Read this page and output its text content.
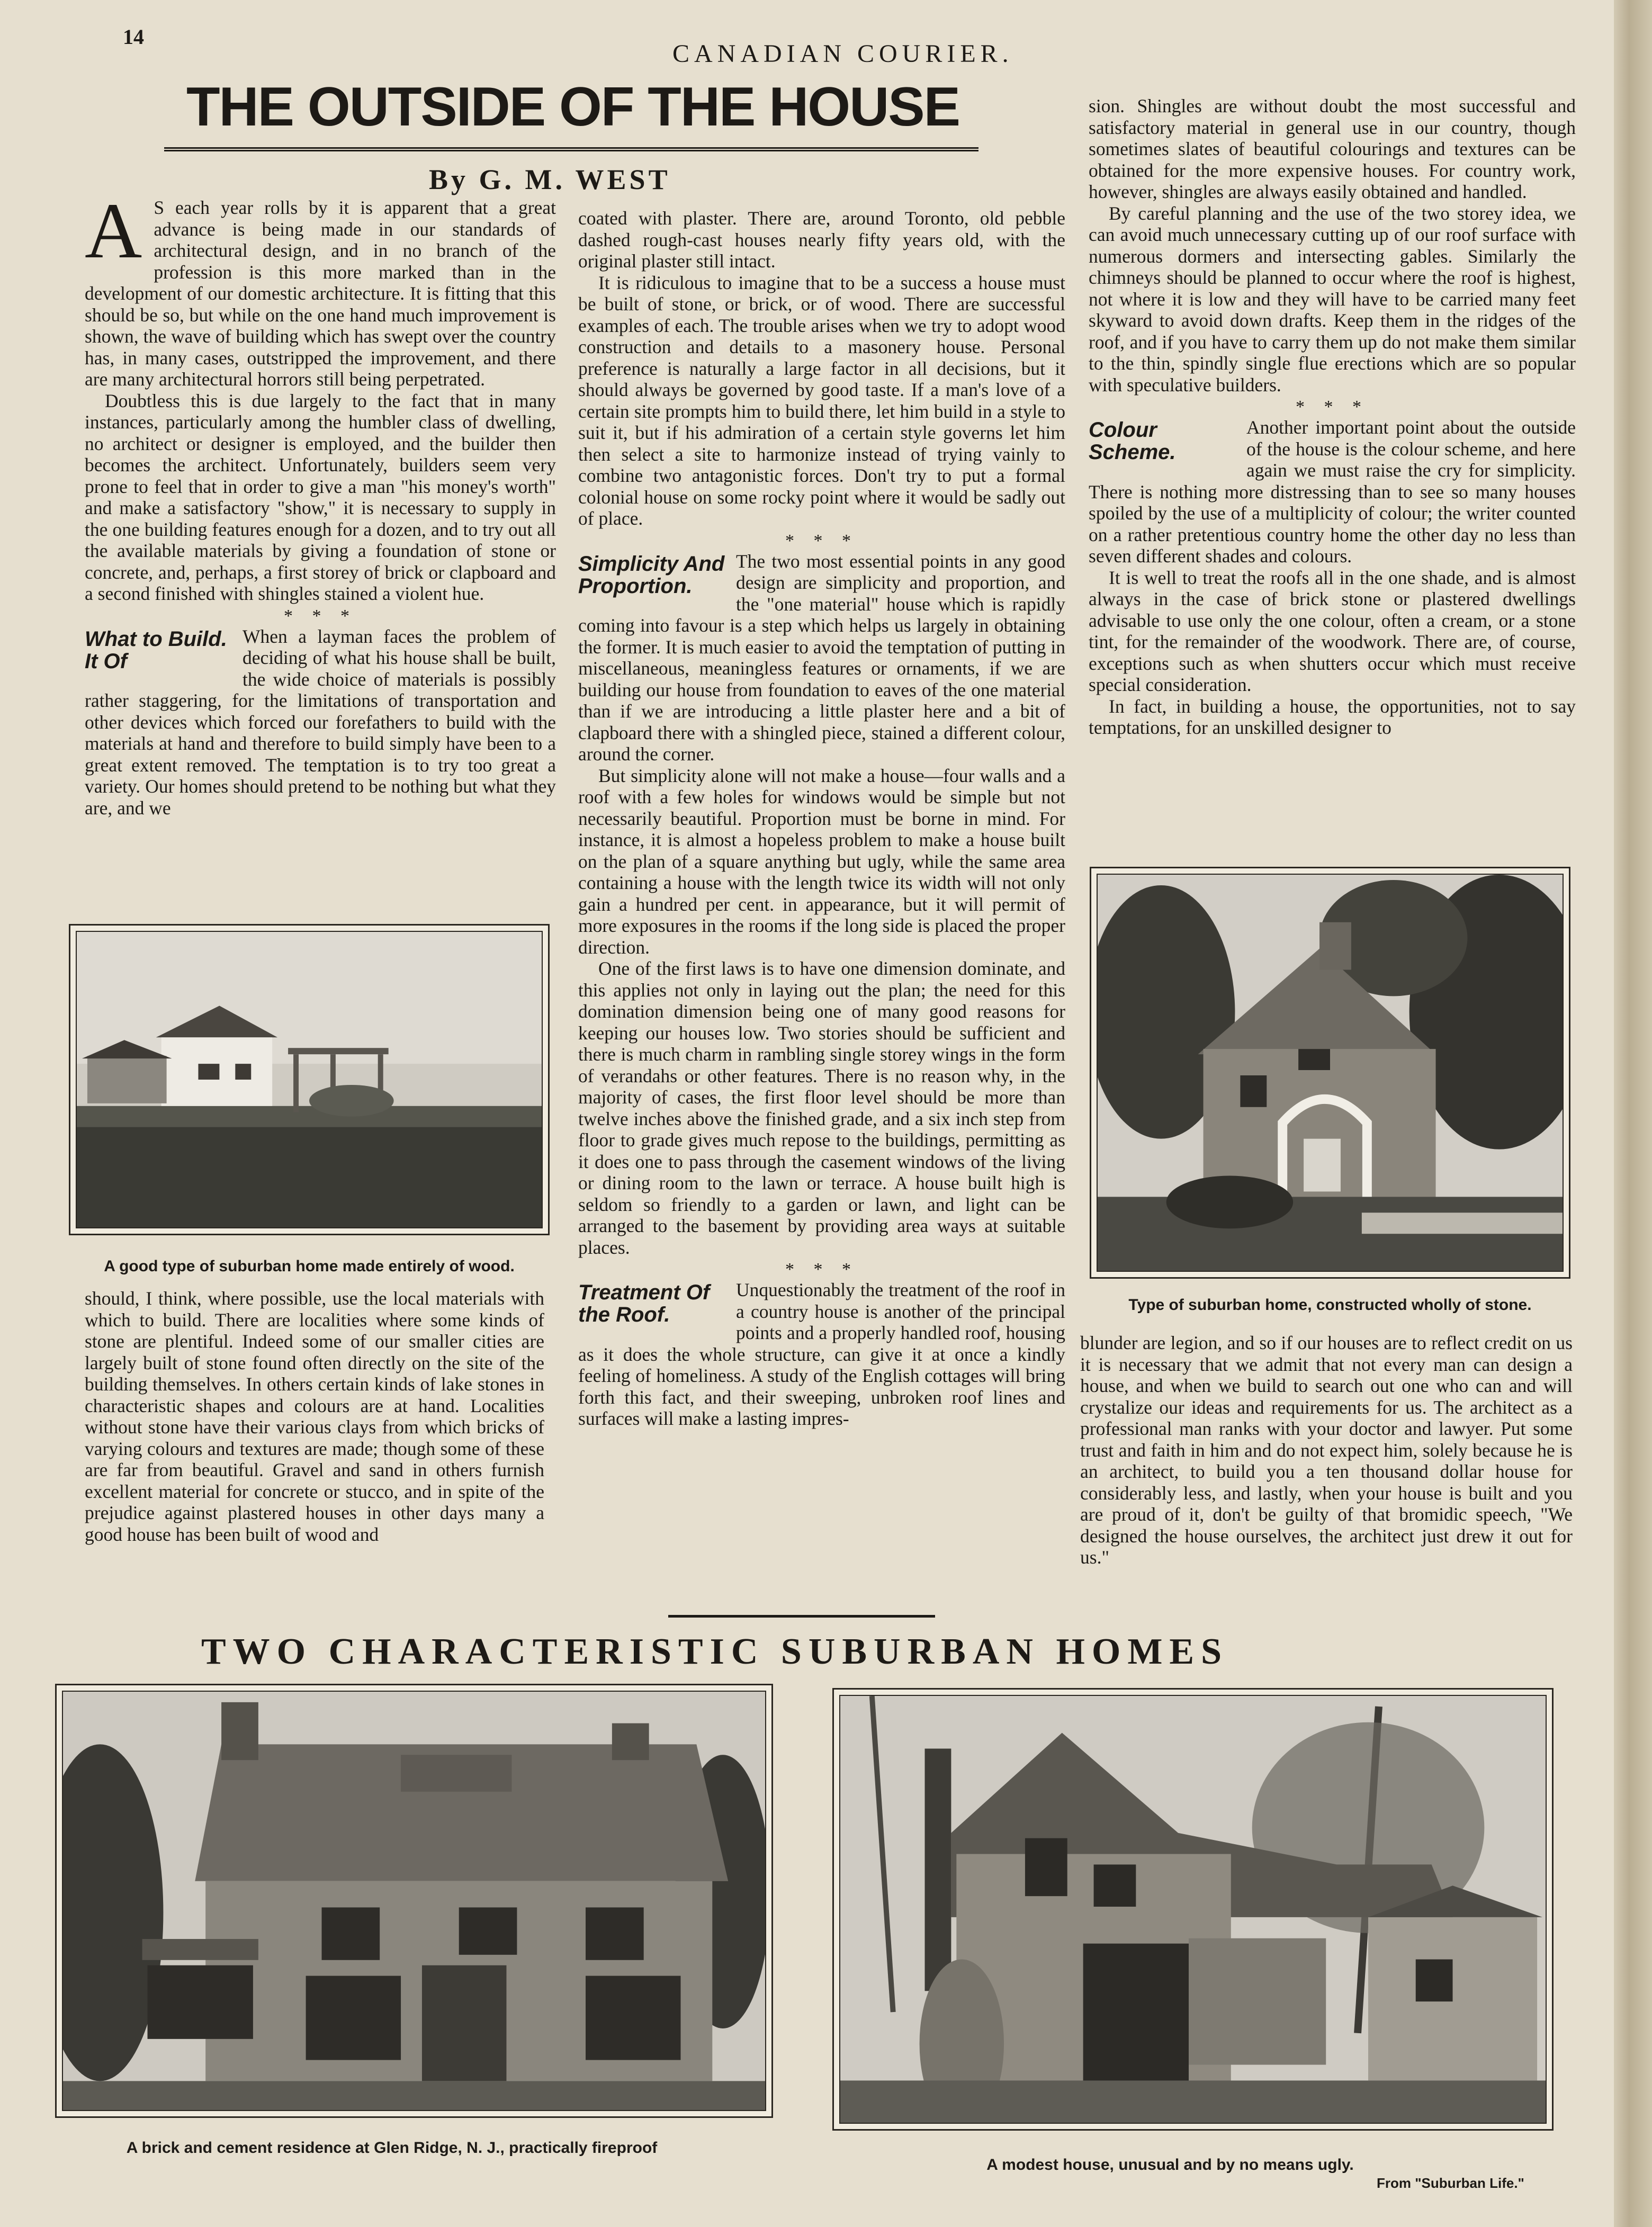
14
CANADIAN COURIER.
THE OUTSIDE OF THE HOUSE
By G. M. WEST

A S each year rolls by it is apparent that a great advance is being made in our standards of architectural design, and in no branch of the profession is this more marked than in the development of our domestic architecture. It is fitting that this should be so, but while on the one hand much improvement is shown, the wave of building which has swept over the country has, in many cases, outstripped the improvement, and there are many architectural horrors still being perpetrated.

Doubtless this is due largely to the fact that in many instances, particularly among the humbler class of dwelling, no architect or designer is employed, and the builder then becomes the architect. Unfortunately, builders seem very prone to feel that in order to give a man "his money's worth" and make a satisfactory "show," it is necessary to supply in the one building features enough for a dozen, and to try out all the available materials by giving a foundation of stone or concrete, and, perhaps, a first storey of brick or clapboard and a second finished with shingles stained a violent hue.

* * *

What to Build. It Of
When a layman faces the problem of deciding of what his house shall be built, the wide choice of materials is possibly rather staggering, for the limitations of transportation and other devices which forced our forefathers to build with the materials at hand and therefore to build simply have been to a great extent removed. The temptation is to try too great a variety. Our homes should pretend to be nothing but what they are, and we

A good type of suburban home made entirely of wood.

should, I think, where possible, use the local materials with which to build. There are localities where some kinds of stone are plentiful. Indeed some of our smaller cities are largely built of stone found often directly on the site of the building themselves. In others certain kinds of lake stones in characteristic shapes and colours are at hand. Localities without stone have their various clays from which bricks of varying colours and textures are made; though some of these are far from beautiful. Gravel and sand in others furnish excellent material for concrete or stucco, and in spite of the prejudice against plastered houses in other days many a good house has been built of wood and

coated with plaster. There are, around Toronto, old pebble dashed rough-cast houses nearly fifty years old, with the original plaster still intact.

It is ridiculous to imagine that to be a success a house must be built of stone, or brick, or of wood. There are successful examples of each. The trouble arises when we try to adopt wood construction and details to a masonery house. Personal preference is naturally a large factor in all decisions, but it should always be governed by good taste. If a man's love of a certain site prompts him to build there, let him build in a style to suit it, but if his admiration of a certain style governs let him then select a site to harmonize instead of trying vainly to combine two antagonistic forces. Don't try to put a formal colonial house on some rocky point where it would be sadly out of place.

* * *

Simplicity And Proportion.
The two most essential points in any good design are simplicity and proportion, and the "one material" house which is rapidly coming into favour is a step which helps us largely in obtaining the former. It is much easier to avoid the temptation of putting in miscellaneous, meaningless features or ornaments, if we are building our house from foundation to eaves of the one material than if we are introducing a little plaster here and a bit of clapboard there with a shingled piece, stained a different colour, around the corner.

But simplicity alone will not make a house—four walls and a roof with a few holes for windows would be simple but not necessarily beautiful. Proportion must be borne in mind. For instance, it is almost a hopeless problem to make a house built on the plan of a square anything but ugly, while the same area containing a house with the length twice its width will not only gain a hundred per cent. in appearance, but it will permit of more exposures in the rooms if the long side is placed the proper direction.

One of the first laws is to have one dimension dominate, and this applies not only in laying out the plan; the need for this domination dimension being one of many good reasons for keeping our houses low. Two stories should be sufficient and there is much charm in rambling single storey wings in the form of verandahs or other features. There is no reason why, in the majority of cases, the first floor level should be more than twelve inches above the finished grade, and a six inch step from floor to grade gives much repose to the buildings, permitting as it does one to pass through the casement windows of the living or dining room to the lawn or terrace. A house built high is seldom so friendly to a garden or lawn, and light can be arranged to the basement by providing area ways at suitable places.

* * *

Treatment Of the Roof.
Unquestionably the treatment of the roof in a country house is another of the principal points and a properly handled roof, housing as it does the whole structure, can give it at once a kindly feeling of homeliness. A study of the English cottages will bring forth this fact, and their sweeping, unbroken roof lines and surfaces will make a lasting impres-

sion. Shingles are without doubt the most successful and satisfactory material in general use in our country, though sometimes slates of beautiful colourings and textures can be obtained for the more expensive houses. For country work, however, shingles are always easily obtained and handled.

By careful planning and the use of the two storey idea, we can avoid much unnecessary cutting up of our roof surface with numerous dormers and intersecting gables. Similarly the chimneys should be planned to occur where the roof is highest, not where it is low and they will have to be carried many feet skyward to avoid down drafts. Keep them in the ridges of the roof, and if you have to carry them up do not make them similar to the thin, spindly single flue erections which are so popular with speculative builders.

* * *

Colour Scheme.
Another important point about the outside of the house is the colour scheme, and here again we must raise the cry for simplicity. There is nothing more distressing than to see so many houses spoiled by the use of a multiplicity of colour; the writer counted on a rather pretentious country home the other day no less than seven different shades and colours.

It is well to treat the roofs all in the one shade, and is almost always in the case of brick stone or plastered dwellings advisable to use only the one colour, often a cream, or a stone tint, for the remainder of the woodwork. There are, of course, exceptions such as when shutters occur which must receive special consideration.

In fact, in building a house, the opportunities, not to say temptations, for an unskilled designer to

Type of suburban home, constructed wholly of stone.

blunder are legion, and so if our houses are to reflect credit on us it is necessary that we admit that not every man can design a house, and when we build to search out one who can and will crystalize our ideas and requirements for us. The architect as a professional man ranks with your doctor and lawyer. Put some trust and faith in him and do not expect him, solely because he is an architect, to build you a ten thousand dollar house for considerably less, and lastly, when your house is built and you are proud of it, don't be guilty of that bromidic speech, "We designed the house ourselves, the architect just drew it out for us."

TWO CHARACTERISTIC SUBURBAN HOMES
A brick and cement residence at Glen Ridge, N. J., practically fireproof
A modest house, unusual and by no means ugly.
From "Suburban Life."
